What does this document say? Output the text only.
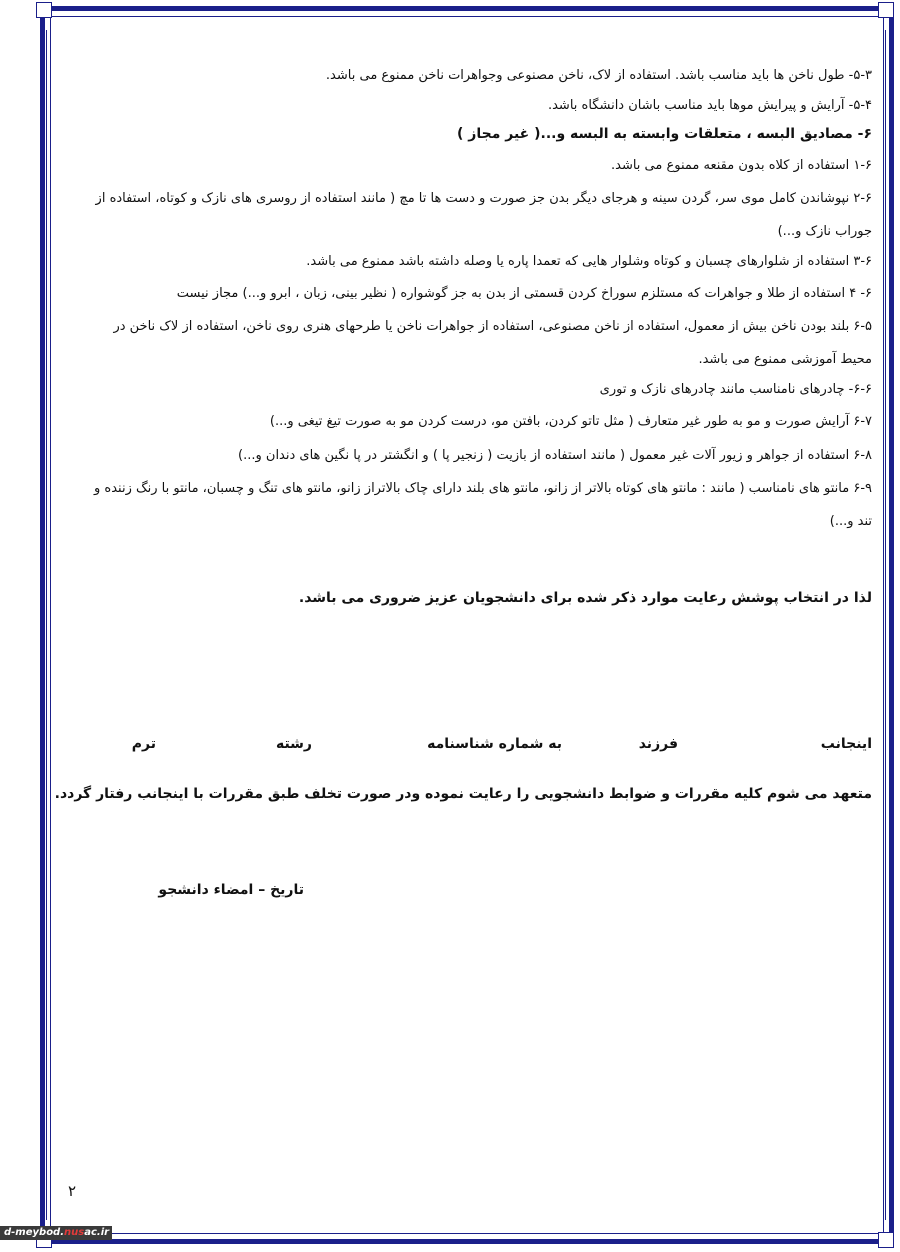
۵-۳- طول ناخن ها باید مناسب باشد. استفاده از لاک، ناخن مصنوعی وجواهرات ناخن ممنوع می باشد.
۵-۴- آرایش و پیرایش موها باید مناسب باشان دانشگاه باشد.
۶- مصادیق البسه ، متعلقات وابسته به البسه و...( غیر مجاز )
۱-۶ استفاده از کلاه بدون مقنعه ممنوع می باشد.
۲-۶ نپوشاندن کامل موی سر، گردن سینه و هرجای دیگر بدن جز صورت و دست ها تا مچ ( مانند استفاده از روسری های نازک و کوتاه، استفاده از جوراب نازک و...)
۳-۶ استفاده از شلوارهای چسبان و کوتاه وشلوار هایی که تعمدا پاره یا وصله داشته باشد ممنوع می باشد.
۶- ۴ استفاده از طلا و جواهرات که مستلزم سوراخ کردن قسمتی از بدن به جز گوشواره ( نظیر بینی، زبان ، ابرو و...) مجاز نیست
۶-۵ بلند بودن ناخن بیش از معمول، استفاده از ناخن مصنوعی، استفاده از جواهرات ناخن یا طرحهای هنری روی ناخن، استفاده از لاک ناخن در محیط آموزشی ممنوع می باشد.
۶-۶- چادرهای نامناسب مانند چادرهای نازک و توری
۶-۷ آرایش صورت و مو به طور غیر متعارف ( مثل تاتو کردن، بافتن مو، درست کردن مو به صورت تیغ تیغی و...)
۶-۸ استفاده از جواهر و زیور آلات غیر معمول ( مانند استفاده از بازیت ( زنجیر پا ) و انگشتر در پا نگین های دندان و...)
۶-۹ مانتو های نامناسب ( مانند : مانتو های کوتاه بالاتر از زانو، مانتو های بلند دارای چاک بالاتراز زانو، مانتو های تنگ و چسبان، مانتو با رنگ زننده و تند و...)
لذا در انتخاب پوشش رعایت موارد ذکر شده برای دانشجویان عزیز ضروری می باشد.
اینجانب
فرزند
به شماره شناسنامه
رشته
ترم
متعهد می شوم کلیه مقررات و ضوابط دانشجویی را رعایت نموده ودر صورت تخلف طبق مقررات با اینجانب رفتار گردد.
تاریخ – امضاء دانشجو
۲
d-meybod.nusac.ir
